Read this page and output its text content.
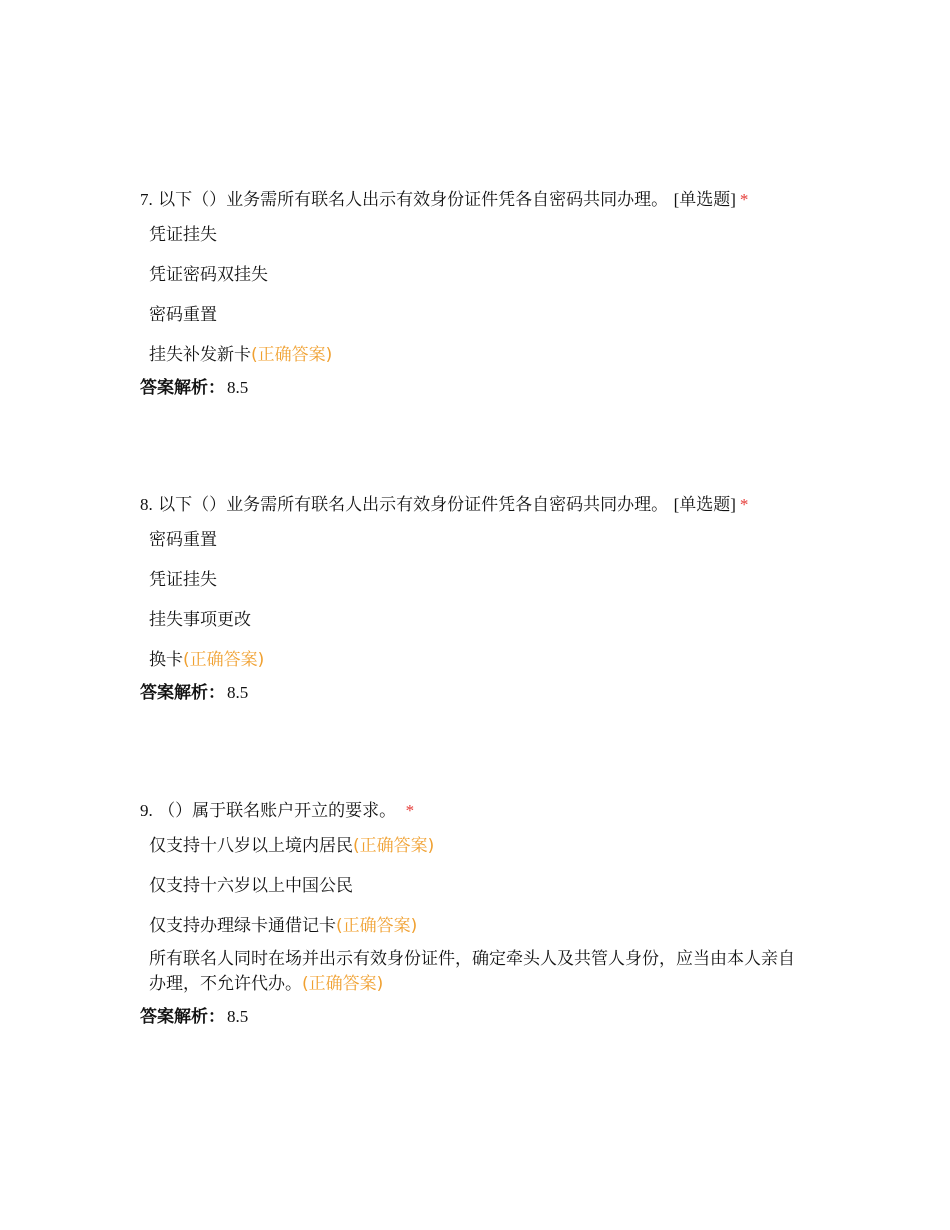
7. 以下（）业务需所有联名人出示有效身份证件凭各自密码共同办理。 [单选题] *
凭证挂失
凭证密码双挂失
密码重置
挂失补发新卡(正确答案)
答案解析： 8.5
8. 以下（）业务需所有联名人出示有效身份证件凭各自密码共同办理。 [单选题] *
密码重置
凭证挂失
挂失事项更改
换卡(正确答案)
答案解析： 8.5
9. （）属于联名账户开立的要求。 *
仅支持十八岁以上境内居民(正确答案)
仅支持十六岁以上中国公民
仅支持办理绿卡通借记卡(正确答案)
所有联名人同时在场并出示有效身份证件，确定牵头人及共管人身份，应当由本人亲自办理，不允许代办。(正确答案)
答案解析： 8.5
